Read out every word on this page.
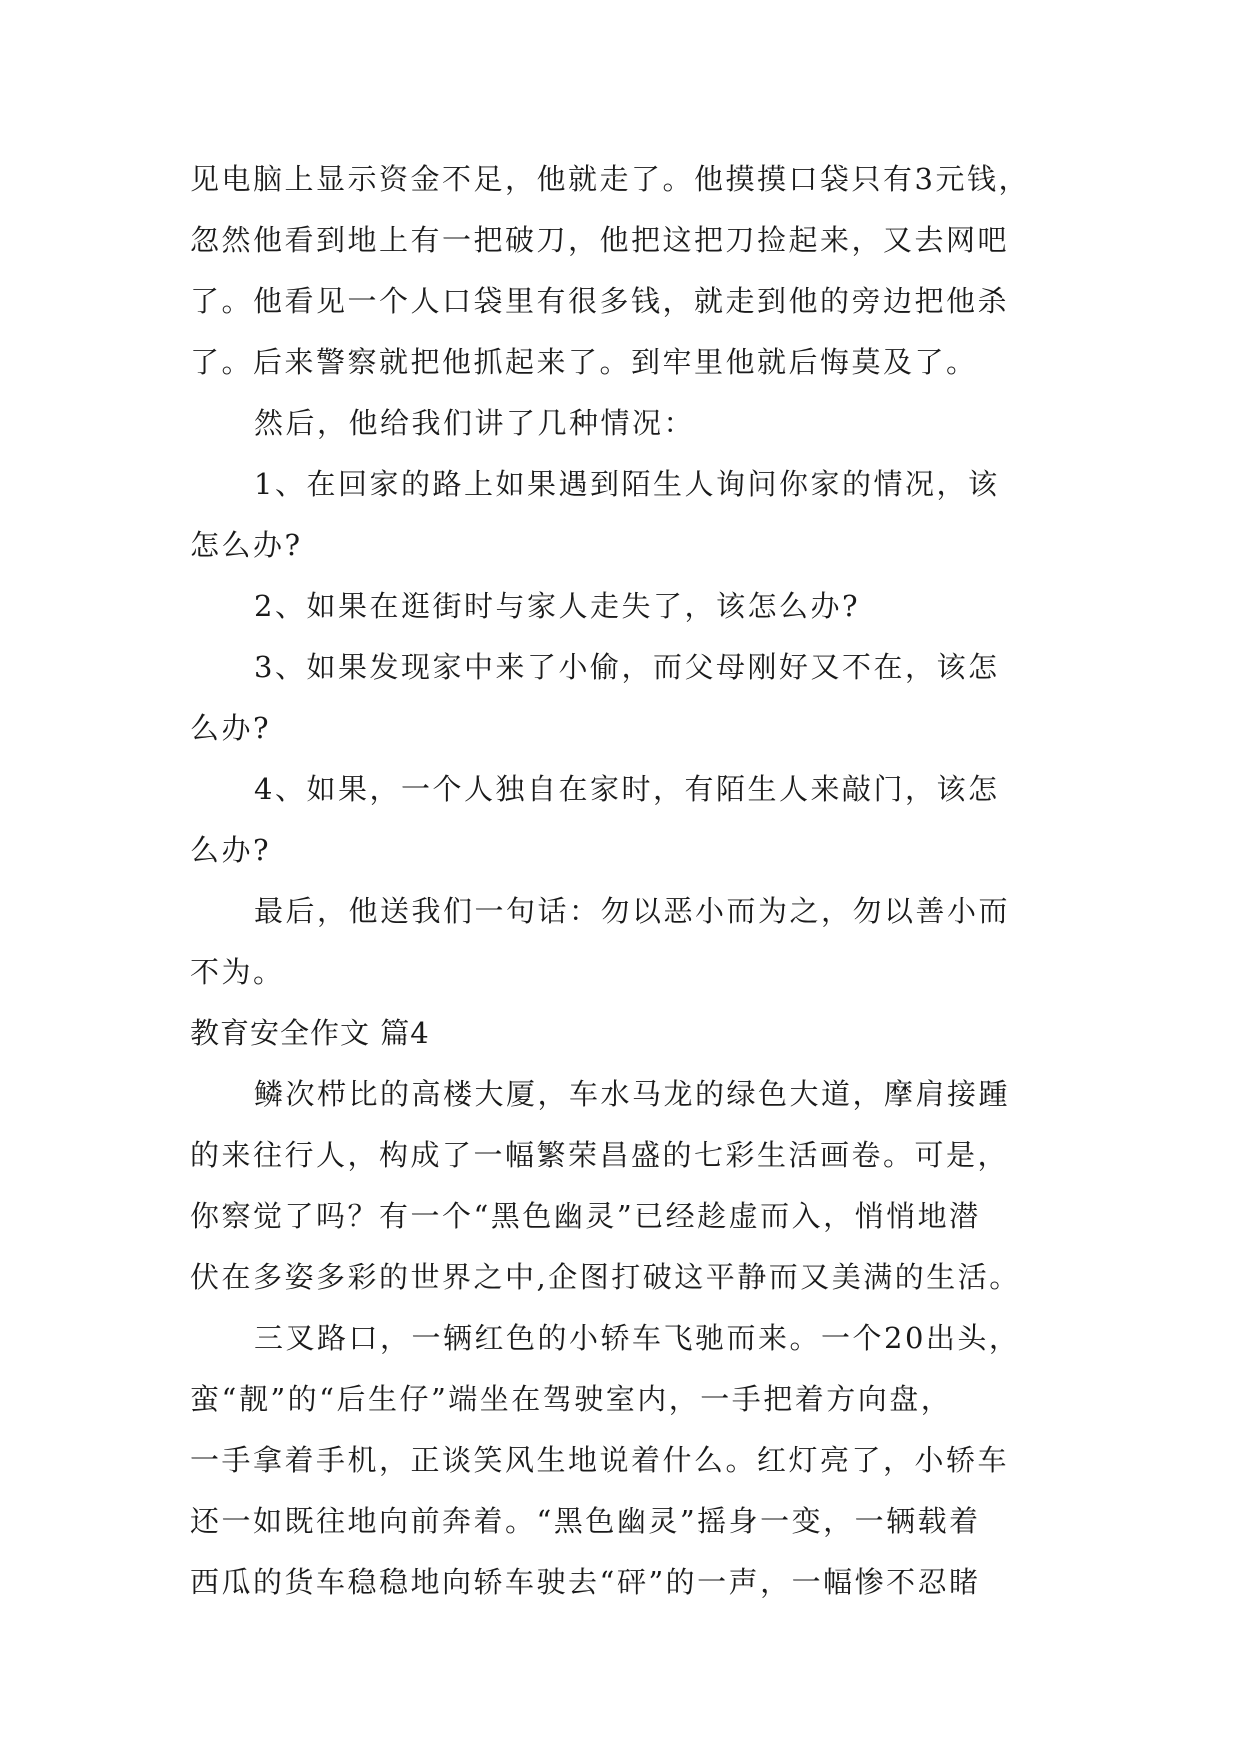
见电脑上显示资金不足，他就走了。他摸摸口袋只有3元钱，
忽然他看到地上有一把破刀，他把这把刀捡起来，又去网吧
了。他看见一个人口袋里有很多钱，就走到他的旁边把他杀
了。后来警察就把他抓起来了。到牢里他就后悔莫及了。
然后，他给我们讲了几种情况：
1、在回家的路上如果遇到陌生人询问你家的情况，该
怎么办?
2、如果在逛街时与家人走失了，该怎么办?
3、如果发现家中来了小偷，而父母刚好又不在，该怎
么办?
4、如果，一个人独自在家时，有陌生人来敲门，该怎
么办?
最后，他送我们一句话：勿以恶小而为之，勿以善小而
不为。
教育安全作文 篇4
鳞次栉比的高楼大厦，车水马龙的绿色大道，摩肩接踵
的来往行人，构成了一幅繁荣昌盛的七彩生活画卷。可是，
你察觉了吗？有一个“黑色幽灵”已经趁虚而入，悄悄地潜
伏在多姿多彩的世界之中,企图打破这平静而又美满的生活。
三叉路口，一辆红色的小轿车飞驰而来。一个20出头，
蛮“靓”的“后生仔”端坐在驾驶室内，一手把着方向盘，
一手拿着手机，正谈笑风生地说着什么。红灯亮了，小轿车
还一如既往地向前奔着。“黑色幽灵”摇身一变，一辆载着
西瓜的货车稳稳地向轿车驶去“砰”的一声，一幅惨不忍睹
